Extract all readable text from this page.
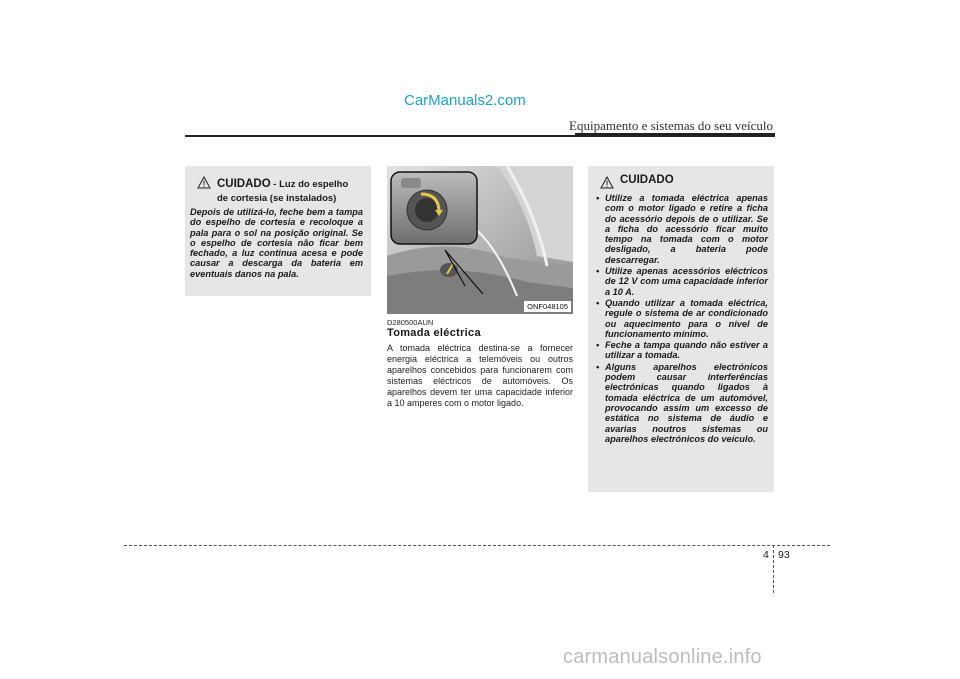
CarManuals2.com
Equipamento e sistemas do seu veículo
CUIDADO - Luz do espelho
de cortesia (se instalados)
Depois de utilizá-lo, feche bem a tampa do espelho de cortesia e recoloque a pala para o sol na posição original. Se o espelho de cortesia não ficar bem fechado, a luz continua acesa e pode causar a descarga da bateria em eventuais danos na pala.
ONF048105
D280500AUN
Tomada eléctrica
A tomada eléctrica destina-se a fornecer energia eléctrica a telemóveis ou outros aparelhos concebidos para funcionarem com sistemas eléctricos de automóveis. Os aparelhos devem ter uma capacidade inferior a 10 amperes com o motor ligado.
CUIDADO
• Utilize a tomada eléctrica apenas com o motor ligado e retire a ficha do acessório depois de o utilizar. Se a ficha do acessório ficar muito tempo na tomada com o motor desligado, a bateria pode descarregar.
• Utilize apenas acessórios eléctricos de 12 V com uma capacidade inferior a 10 A.
• Quando utilizar a tomada eléctrica, regule o sistema de ar condicionado ou aquecimento para o nível de funcionamento mínimo.
• Feche a tampa quando não estiver a utilizar a tomada.
• Alguns aparelhos electrónicos podem causar interferências electrónicas quando ligados à tomada eléctrica de um automóvel, provocando assim um excesso de estática no sistema de áudio e avarias noutros sistemas ou aparelhos electrónicos do veículo.
4 93
carmanualsonline.info
